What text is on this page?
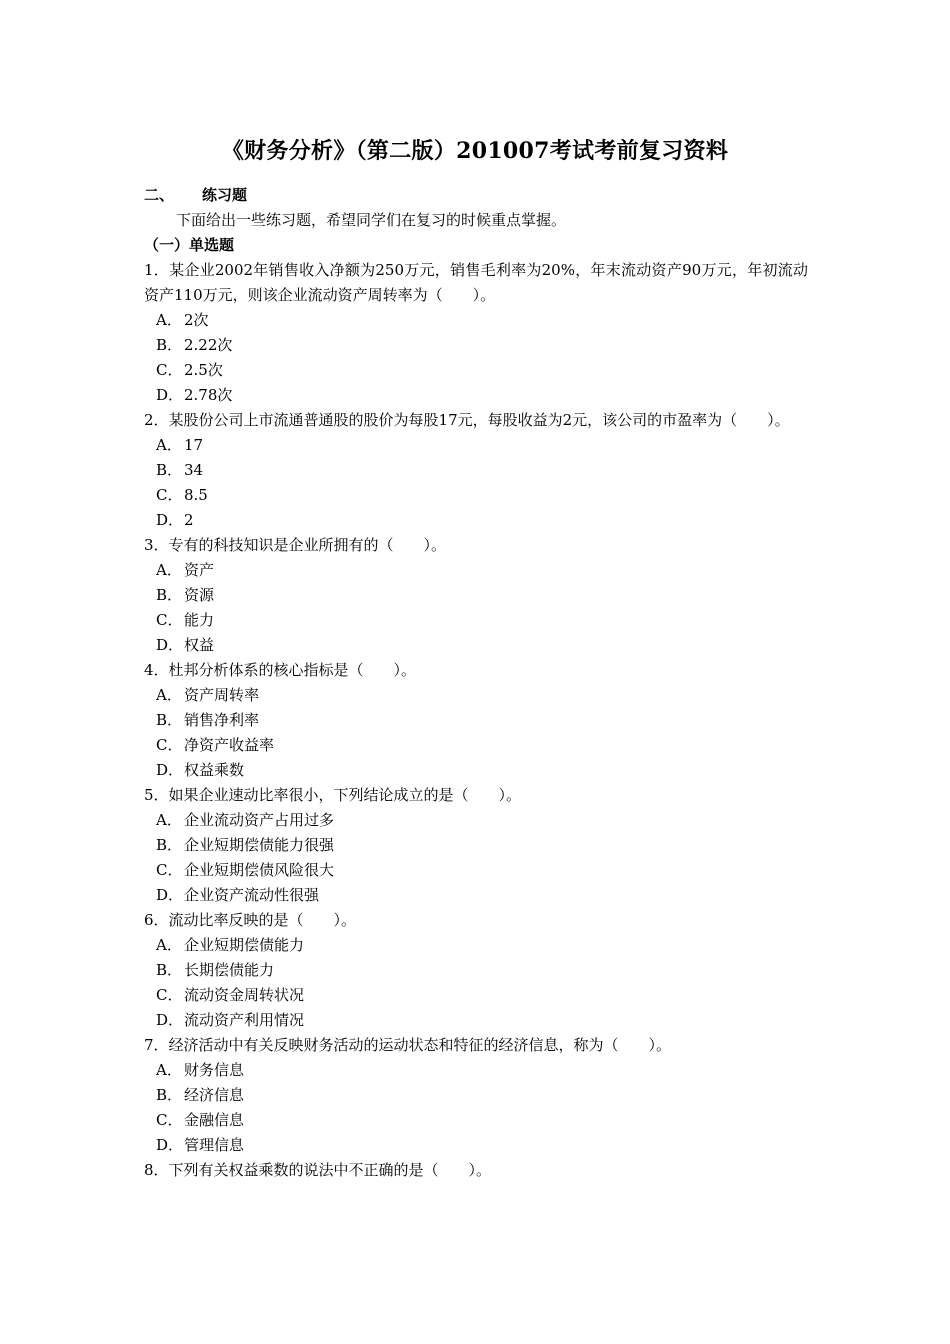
《财务分析》（第二版）201007考试考前复习资料
二、 练习题
下面给出一些练习题，希望同学们在复习的时候重点掌握。
（一）单选题
1．某企业2002年销售收入净额为250万元，销售毛利率为20%，年末流动资产90万元，年初流动资产110万元，则该企业流动资产周转率为（　　）。
A． 2次
B． 2.22次
C． 2.5次
D．2.78次
2．某股份公司上市流通普通股的股价为每股17元，每股收益为2元，该公司的市盈率为（　　）。
A． 17
B． 34
C． 8.5
D．2
3．专有的科技知识是企业所拥有的（　　）。
A． 资产
B． 资源
C． 能力
D．权益
4．杜邦分析体系的核心指标是（　　）。
A． 资产周转率
B． 销售净利率
C． 净资产收益率
D．权益乘数
5．如果企业速动比率很小，下列结论成立的是（　　）。
A． 企业流动资产占用过多
B． 企业短期偿债能力很强
C． 企业短期偿债风险很大
D．企业资产流动性很强
6．流动比率反映的是（　　）。
A． 企业短期偿债能力
B． 长期偿债能力
C． 流动资金周转状况
D．流动资产利用情况
7．经济活动中有关反映财务活动的运动状态和特征的经济信息，称为（　　）。
A． 财务信息
B． 经济信息
C． 金融信息
D．管理信息
8．下列有关权益乘数的说法中不正确的是（　　）。
